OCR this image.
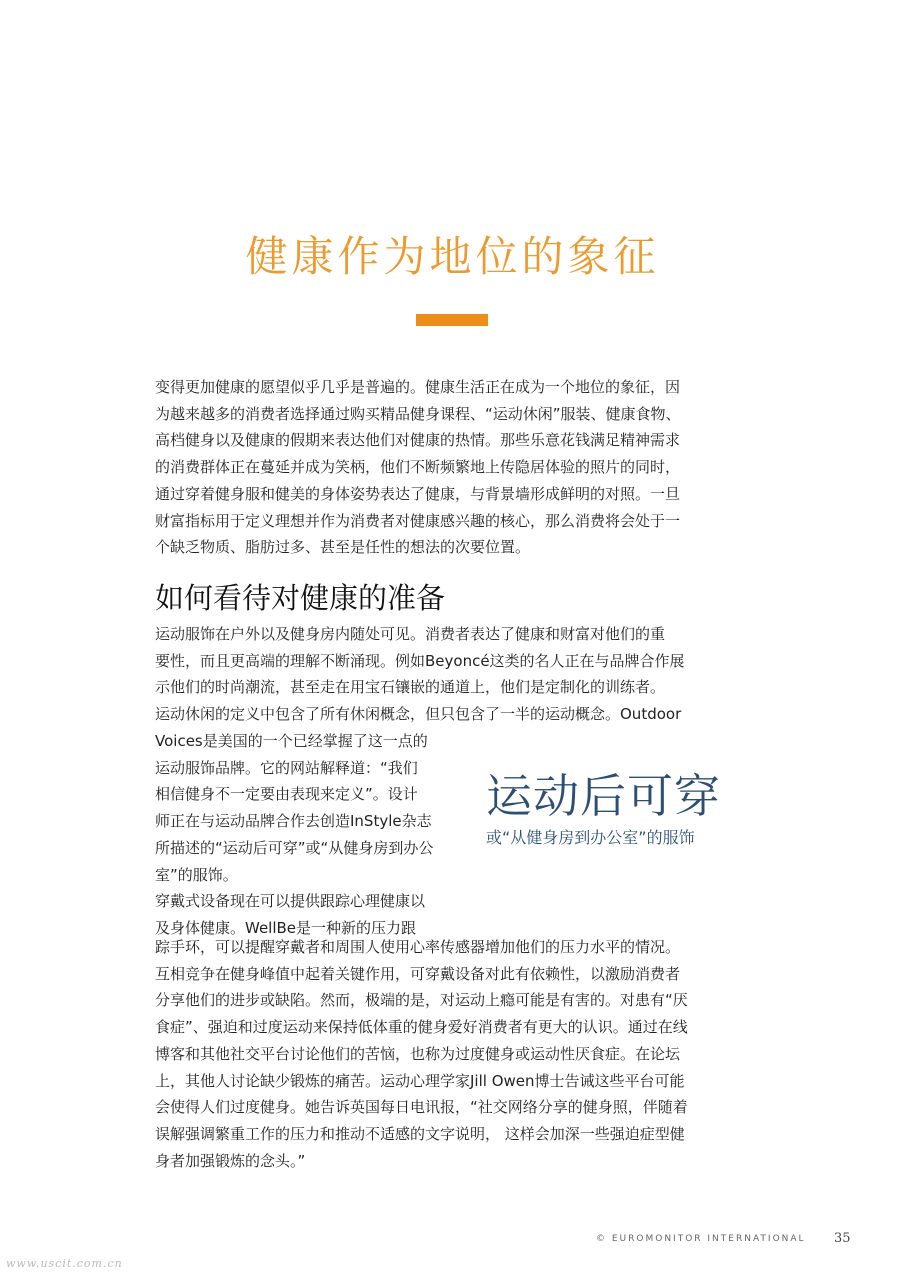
健康作为地位的象征

变得更加健康的愿望似乎几乎是普遍的。健康生活正在成为一个地位的象征，因
为越来越多的消费者选择通过购买精品健身课程、“运动休闲”服装、健康食物、
高档健身以及健康的假期来表达他们对健康的热情。那些乐意花钱满足精神需求
的消费群体正在蔓延并成为笑柄，他们不断频繁地上传隐居体验的照片的同时，
通过穿着健身服和健美的身体姿势表达了健康，与背景墙形成鲜明的对照。一旦
财富指标用于定义理想并作为消费者对健康感兴趣的核心，那么消费将会处于一
个缺乏物质、脂肪过多、甚至是任性的想法的次要位置。

如何看待对健康的准备

运动服饰在户外以及健身房内随处可见。消费者表达了健康和财富对他们的重
要性，而且更高端的理解不断涌现。例如Beyoncé这类的名人正在与品牌合作展
示他们的时尚潮流，甚至走在用宝石镶嵌的通道上，他们是定制化的训练者。
运动休闲的定义中包含了所有休闲概念，但只包含了一半的运动概念。Outdoor

Voices是美国的一个已经掌握了这一点的
运动服饰品牌。它的网站解释道：“我们
相信健身不一定要由表现来定义”。设计
师正在与运动品牌合作去创造InStyle杂志
所描述的“运动后可穿”或“从健身房到办公
室”的服饰。

运动后可穿
或“从健身房到办公室”的服饰

穿戴式设备现在可以提供跟踪心理健康以
及身体健康。WellBe是一种新的压力跟

踪手环，可以提醒穿戴者和周围人使用心率传感器增加他们的压力水平的情况。
互相竞争在健身峰值中起着关键作用，可穿戴设备对此有依赖性，以激励消费者
分享他们的进步或缺陷。然而，极端的是，对运动上瘾可能是有害的。对患有“厌
食症”、强迫和过度运动来保持低体重的健身爱好消费者有更大的认识。通过在线
博客和其他社交平台讨论他们的苦恼，也称为过度健身或运动性厌食症。在论坛
上，其他人讨论缺少锻炼的痛苦。运动心理学家Jill Owen博士告诫这些平台可能
会使得人们过度健身。她告诉英国每日电讯报，“社交网络分享的健身照，伴随着
误解强调繁重工作的压力和推动不适感的文字说明， 这样会加深一些强迫症型健
身者加强锻炼的念头。”

© EUROMONITOR INTERNATIONAL 35
www.uscit.com.cn
